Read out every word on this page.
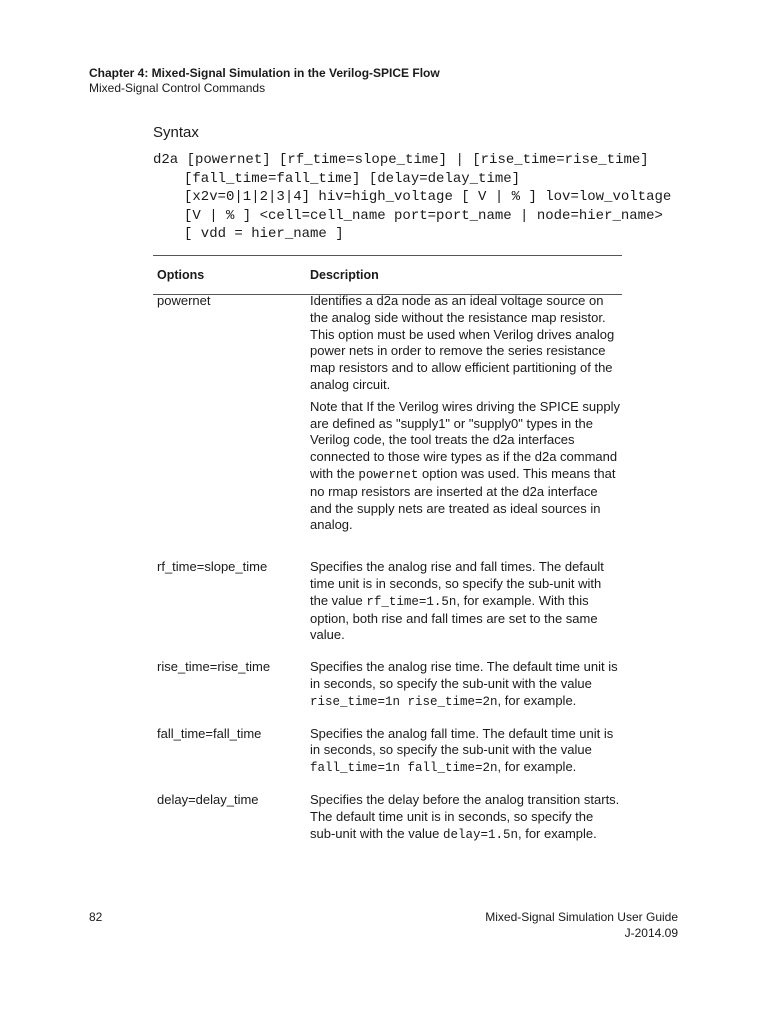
Chapter 4: Mixed-Signal Simulation in the Verilog-SPICE Flow
Mixed-Signal Control Commands
Syntax
d2a [powernet] [rf_time=slope_time] | [rise_time=rise_time]
[fall_time=fall_time] [delay=delay_time]
[x2v=0|1|2|3|4] hiv=high_voltage [ V | % ] lov=low_voltage
[V | % ] <cell=cell_name port=port_name | node=hier_name>
[ vdd = hier_name ]
Options	Description
powernet	Identifies a d2a node as an ideal voltage source on the analog side without the resistance map resistor. This option must be used when Verilog drives analog power nets in order to remove the series resistance map resistors and to allow efficient partitioning of the analog circuit.

Note that If the Verilog wires driving the SPICE supply are defined as "supply1" or "supply0" types in the Verilog code, the tool treats the d2a interfaces connected to those wire types as if the d2a command with the powernet option was used. This means that no rmap resistors are inserted at the d2a interface and the supply nets are treated as ideal sources in analog.

rf_time=slope_time	Specifies the analog rise and fall times. The default time unit is in seconds, so specify the sub-unit with the value rf_time=1.5n, for example. With this option, both rise and fall times are set to the same value.
rise_time=rise_time	Specifies the analog rise time. The default time unit is in seconds, so specify the sub-unit with the value rise_time=1n rise_time=2n, for example.
fall_time=fall_time	Specifies the analog fall time. The default time unit is in seconds, so specify the sub-unit with the value fall_time=1n fall_time=2n, for example.
delay=delay_time	Specifies the delay before the analog transition starts. The default time unit is in seconds, so specify the sub-unit with the value delay=1.5n, for example.
82	Mixed-Signal Simulation User Guide
J-2014.09
